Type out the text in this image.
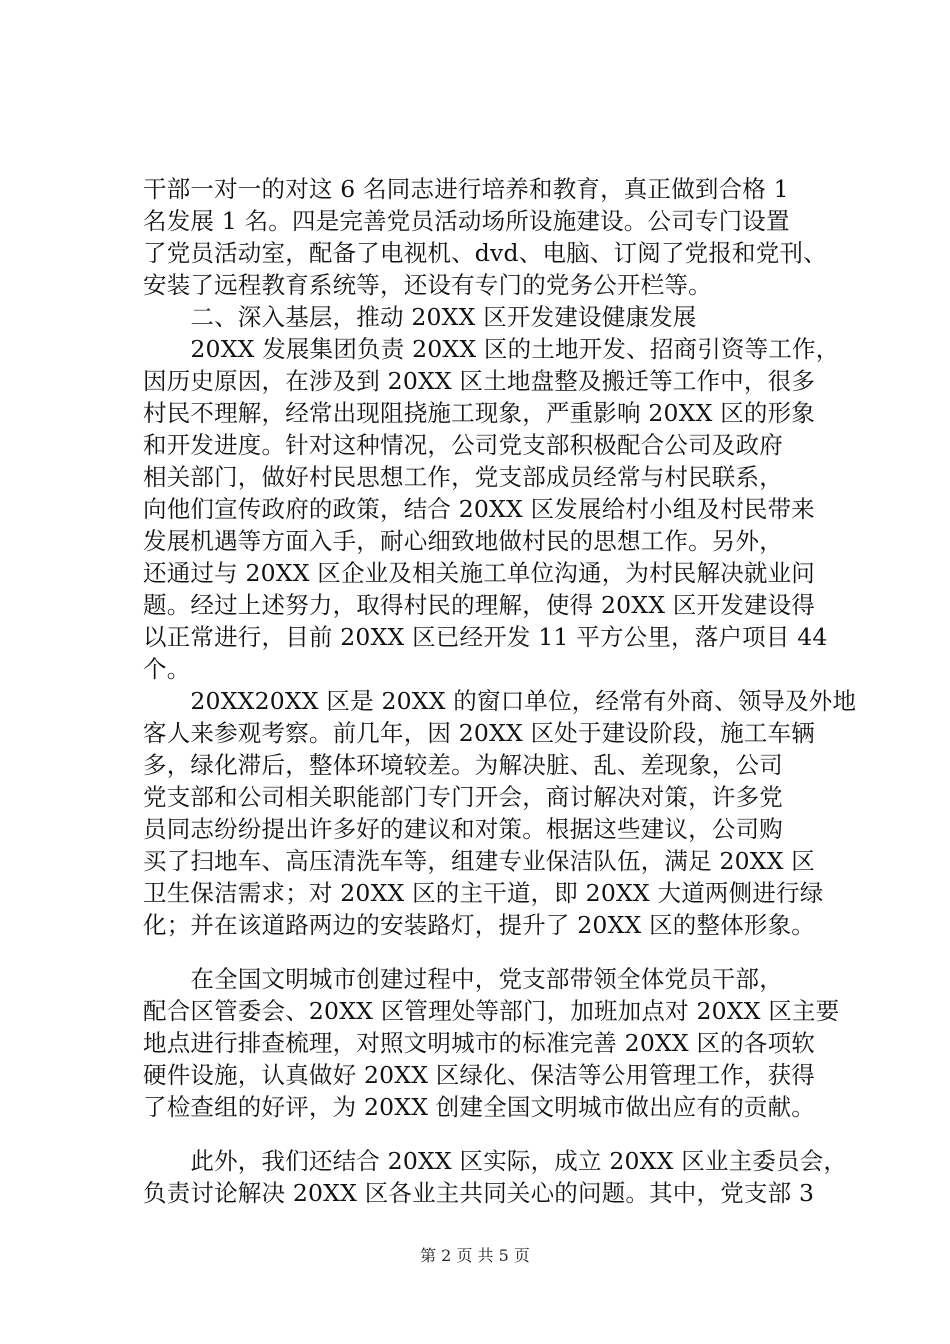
干部一对一的对这 6 名同志进行培养和教育，真正做到合格 1
名发展 1 名。四是完善党员活动场所设施建设。公司专门设置
了党员活动室，配备了电视机、dvd、电脑、订阅了党报和党刊、
安装了远程教育系统等，还设有专门的党务公开栏等。
　　二、深入基层，推动 20XX 区开发建设健康发展
　　20XX 发展集团负责 20XX 区的土地开发、招商引资等工作，
因历史原因，在涉及到 20XX 区土地盘整及搬迁等工作中，很多
村民不理解，经常出现阻挠施工现象，严重影响 20XX 区的形象
和开发进度。针对这种情况，公司党支部积极配合公司及政府
相关部门，做好村民思想工作，党支部成员经常与村民联系，
向他们宣传政府的政策，结合 20XX 区发展给村小组及村民带来
发展机遇等方面入手，耐心细致地做村民的思想工作。另外，
还通过与 20XX 区企业及相关施工单位沟通，为村民解决就业问
题。经过上述努力，取得村民的理解，使得 20XX 区开发建设得
以正常进行，目前 20XX 区已经开发 11 平方公里，落户项目 44
个。
　　20XX20XX 区是 20XX 的窗口单位，经常有外商、领导及外地
客人来参观考察。前几年，因 20XX 区处于建设阶段，施工车辆
多，绿化滞后，整体环境较差。为解决脏、乱、差现象，公司
党支部和公司相关职能部门专门开会，商讨解决对策，许多党
员同志纷纷提出许多好的建议和对策。根据这些建议，公司购
买了扫地车、高压清洗车等，组建专业保洁队伍，满足 20XX 区
卫生保洁需求；对 20XX 区的主干道，即 20XX 大道两侧进行绿
化；并在该道路两边的安装路灯，提升了 20XX 区的整体形象。
　　在全国文明城市创建过程中，党支部带领全体党员干部，
配合区管委会、20XX 区管理处等部门，加班加点对 20XX 区主要
地点进行排查梳理，对照文明城市的标准完善 20XX 区的各项软
硬件设施，认真做好 20XX 区绿化、保洁等公用管理工作，获得
了检查组的好评，为 20XX 创建全国文明城市做出应有的贡献。
　　此外，我们还结合 20XX 区实际，成立 20XX 区业主委员会，
负责讨论解决 20XX 区各业主共同关心的问题。其中，党支部 3
第 2 页 共 5 页
